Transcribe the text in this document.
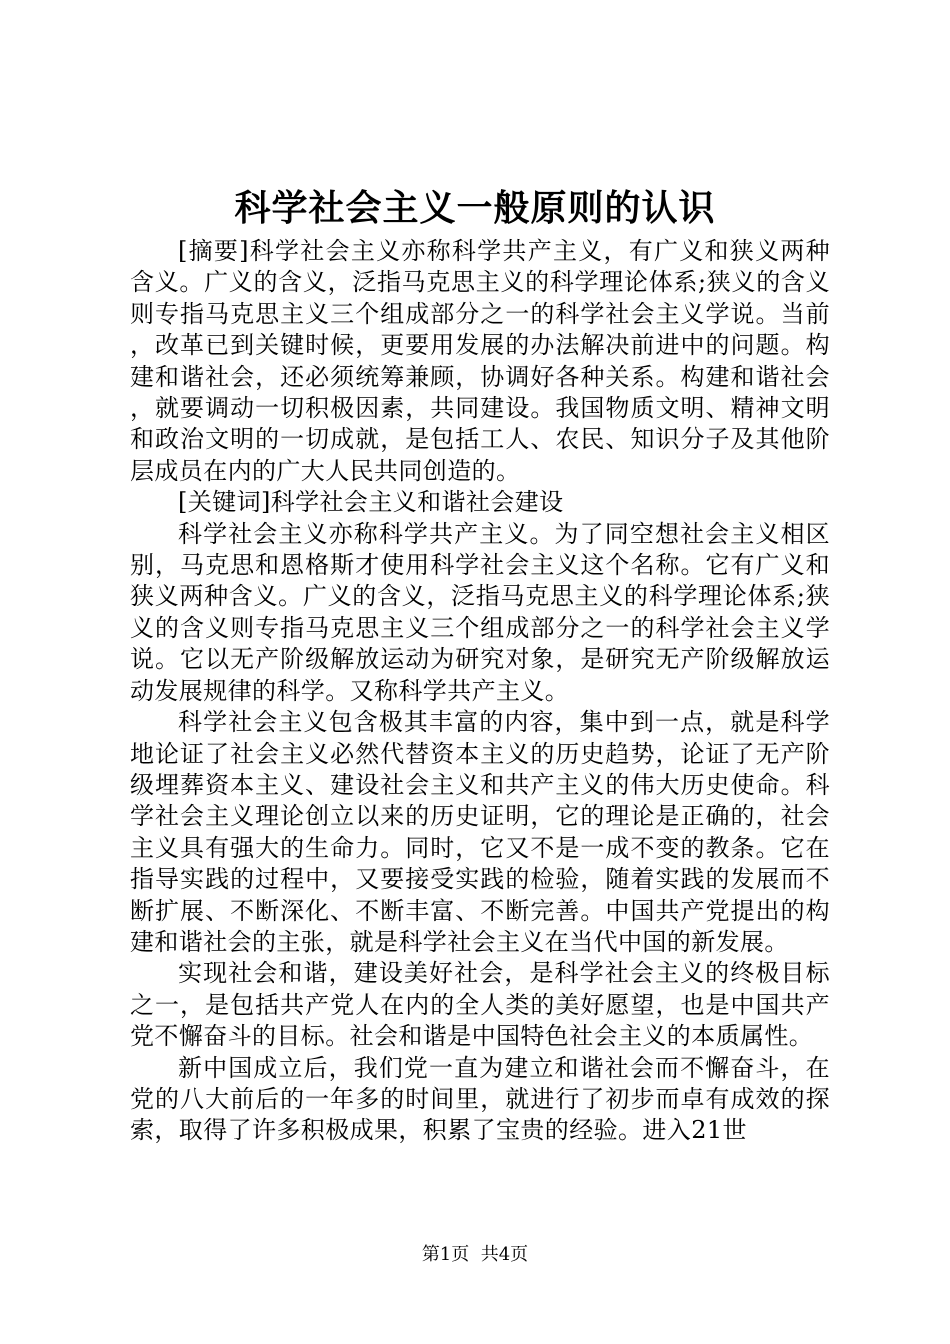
科学社会主义一般原则的认识

[摘要]科学社会主义亦称科学共产主义，有广义和狭义两种含义。广义的含义，泛指马克思主义的科学理论体系;狭义的含义则专指马克思主义三个组成部分之一的科学社会主义学说。当前，改革已到关键时候，更要用发展的办法解决前进中的问题。构建和谐社会，还必须统筹兼顾，协调好各种关系。构建和谐社会，就要调动一切积极因素，共同建设。我国物质文明、精神文明和政治文明的一切成就，是包括工人、农民、知识分子及其他阶层成员在内的广大人民共同创造的。

[关键词]科学社会主义和谐社会建设

科学社会主义亦称科学共产主义。为了同空想社会主义相区别，马克思和恩格斯才使用科学社会主义这个名称。它有广义和狭义两种含义。广义的含义，泛指马克思主义的科学理论体系;狭义的含义则专指马克思主义三个组成部分之一的科学社会主义学说。它以无产阶级解放运动为研究对象，是研究无产阶级解放运动发展规律的科学。又称科学共产主义。

科学社会主义包含极其丰富的内容，集中到一点，就是科学地论证了社会主义必然代替资本主义的历史趋势，论证了无产阶级埋葬资本主义、建设社会主义和共产主义的伟大历史使命。科学社会主义理论创立以来的历史证明，它的理论是正确的，社会主义具有强大的生命力。同时，它又不是一成不变的教条。它在指导实践的过程中，又要接受实践的检验，随着实践的发展而不断扩展、不断深化、不断丰富、不断完善。中国共产党提出的构建和谐社会的主张，就是科学社会主义在当代中国的新发展。

实现社会和谐，建设美好社会，是科学社会主义的终极目标之一，是包括共产党人在内的全人类的美好愿望，也是中国共产党不懈奋斗的目标。社会和谐是中国特色社会主义的本质属性。

新中国成立后，我们党一直为建立和谐社会而不懈奋斗，在党的八大前后的一年多的时间里，就进行了初步而卓有成效的探索，取得了许多积极成果，积累了宝贵的经验。进入21世

第1页 共4页
